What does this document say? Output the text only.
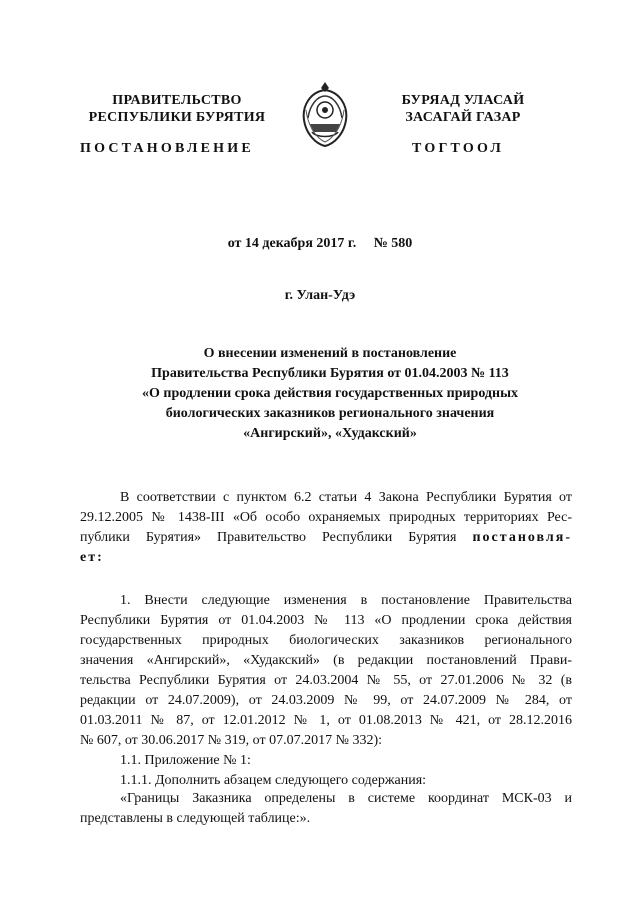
ПРАВИТЕЛЬСТВО
РЕСПУБЛИКИ БУРЯТИЯ
БУРЯАД УЛАСАЙ
ЗАСАГАЙ ГАЗАР
ПОСТАНОВЛЕНИЕ	ТОГТООЛ
от 14 декабря 2017 г. № 580
г. Улан-Удэ
О внесении изменений в постановление
Правительства Республики Бурятия от 01.04.2003 № 113
«О продлении срока действия государственных природных
биологических заказников регионального значения
«Ангирский», «Худакский»
В соответствии с пунктом 6.2 статьи 4 Закона Республики Бурятия от
29.12.2005 № 1438-III «Об особо охраняемых природных территориях Рес-
публики Бурятия» Правительство Республики Бурятия постановля-
ет:
1. Внести следующие изменения в постановление Правительства
Республики Бурятия от 01.04.2003 № 113 «О продлении срока действия
государственных природных биологических заказников регионального
значения «Ангирский», «Худакский» (в редакции постановлений Прави-
тельства Республики Бурятия от 24.03.2004 № 55, от 27.01.2006 № 32 (в
редакции от 24.07.2009), от 24.03.2009 № 99, от 24.07.2009 № 284, от
01.03.2011 № 87, от 12.01.2012 № 1, от 01.08.2013 № 421, от 28.12.2016
№ 607, от 30.06.2017 № 319, от 07.07.2017 № 332):
1.1. Приложение № 1:
1.1.1. Дополнить абзацем следующего содержания:
«Границы Заказника определены в системе координат МСК-03 и
представлены в следующей таблице:».
